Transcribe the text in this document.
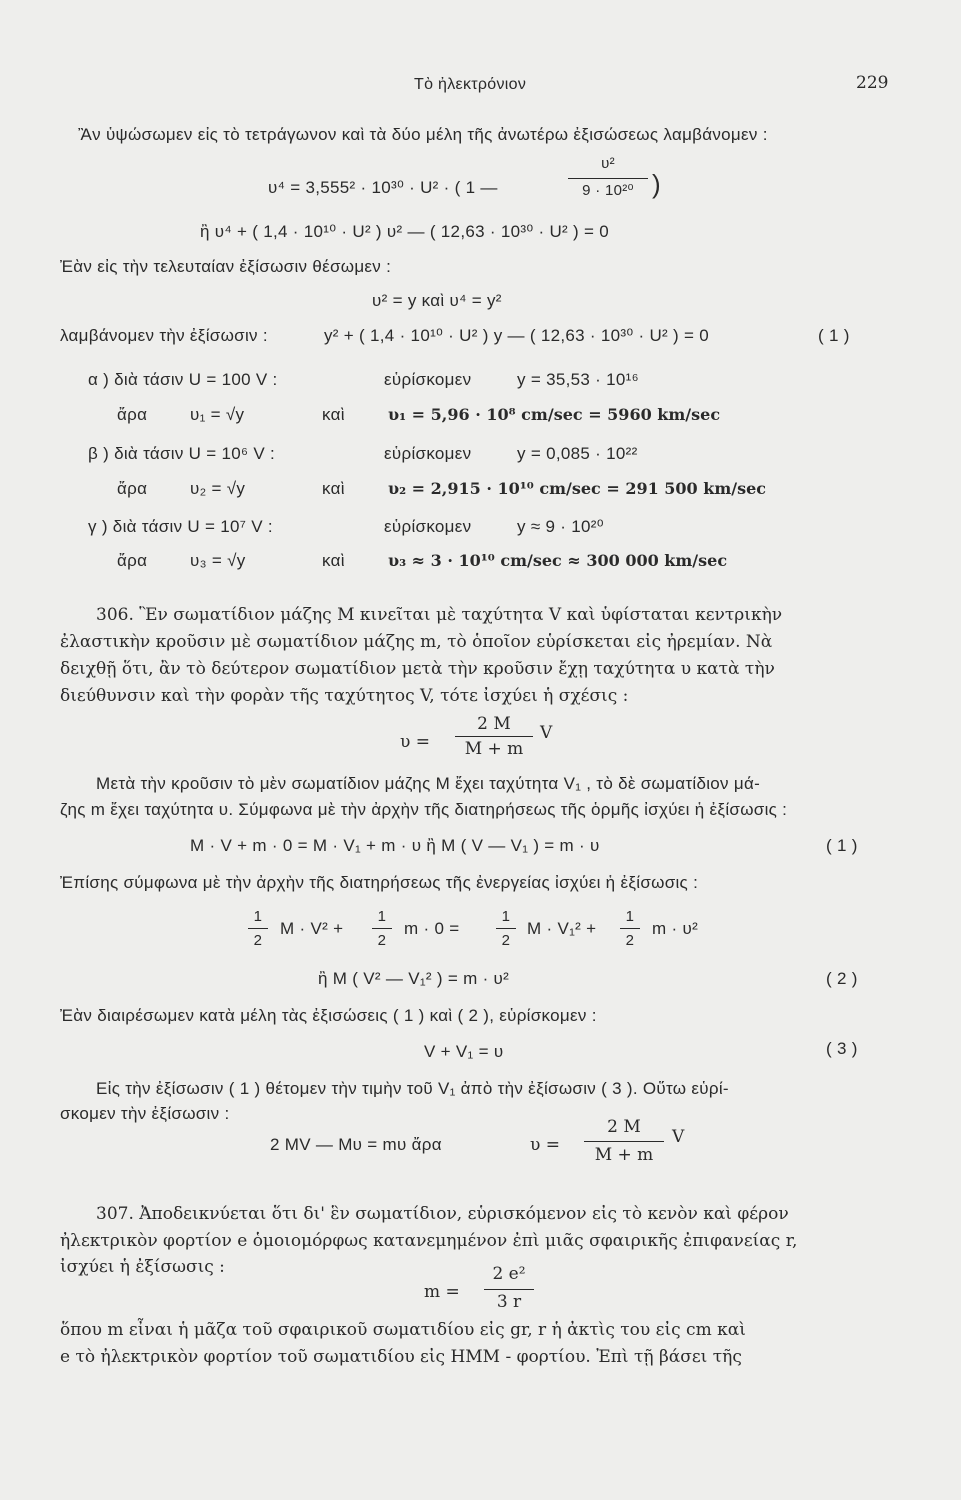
Τὸ ἠλεκτρόνιον	229
Ἂν ὑψώσωμεν εἰς τὸ τετράγωνον καὶ τὰ δύο μέλη τῆς ἀνωτέρω ἐξισώσεως λαμβάνομεν :
υ⁴ = 3,555² · 10³⁰ · U² · ( 1 —
υ²
9 · 10²⁰ )
ἢ υ⁴ + ( 1,4 · 10¹⁰ · U² ) υ² — ( 12,63 · 10³⁰ · U² ) = 0
Ἐὰν εἰς τὴν τελευταίαν ἐξίσωσιν θέσωμεν :
υ² = y καὶ υ⁴ = y²
λαμβάνομεν τὴν ἐξίσωσιν :	y² + ( 1,4 · 10¹⁰ · U² ) y — ( 12,63 · 10³⁰ · U² ) = 0	( 1 )
α ) διὰ τάσιν U = 100 V :	εὑρίσκομεν	y = 35,53 · 10¹⁶
ἄρα	υ₁ = √y	καὶ	υ₁ = 5,96 · 10⁸ cm/sec = 5960 km/sec
β ) διὰ τάσιν U = 10⁶ V :	εὑρίσκομεν	y = 0,085 · 10²²
ἄρα	υ₂ = √y	καὶ	υ₂ = 2,915 · 10¹⁰ cm/sec = 291 500 km/sec
γ ) διὰ τάσιν U = 10⁷ V :	εὑρίσκομεν	y ≈ 9 · 10²⁰
ἄρα	υ₃ = √y	καὶ	υ₃ ≈ 3 · 10¹⁰ cm/sec ≈ 300 000 km/sec
306. Ἓν σωματίδιον μάζης M κινεῖται μὲ ταχύτητα V καὶ ὑφίσταται κεντρικὴν
ἐλαστικὴν κροῦσιν μὲ σωματίδιον μάζης m, τὸ ὁποῖον εὑρίσκεται εἰς ἠρεμίαν. Νὰ
δειχθῇ ὅτι, ἂν τὸ δεύτερον σωματίδιον μετὰ τὴν κροῦσιν ἔχῃ ταχύτητα υ κατὰ τὴν
διεύθυνσιν καὶ τὴν φορὰν τῆς ταχύτητος V, τότε ἰσχύει ἡ σχέσις :
υ =
2 M
M + m
V
Μετὰ τὴν κροῦσιν τὸ μὲν σωματίδιον μάζης M ἔχει ταχύτητα V₁ , τὸ δὲ σωματίδιον μά-
ζης m ἔχει ταχύτητα υ. Σύμφωνα μὲ τὴν ἀρχὴν τῆς διατηρήσεως τῆς ὁρμῆς ἰσχύει ἡ ἐξίσωσις :
M · V + m · 0 = M · V₁ + m · υ ἢ M ( V — V₁ ) = m · υ	( 1 )
Ἐπίσης σύμφωνα μὲ τὴν ἀρχὴν τῆς διατηρήσεως τῆς ἐνεργείας ἰσχύει ἡ ἐξίσωσις :
1
2
M · V² +
1
2
m · 0 =
1
2
M · V₁² +
1
2
m · υ²
ἢ M ( V² — V₁² ) = m · υ²	( 2 )
Ἐὰν διαιρέσωμεν κατὰ μέλη τὰς ἐξισώσεις ( 1 ) καὶ ( 2 ), εὑρίσκομεν :
V + V₁ = υ	( 3 )
Εἰς τὴν ἐξίσωσιν ( 1 ) θέτομεν τὴν τιμὴν τοῦ V₁ ἀπὸ τὴν ἐξίσωσιν ( 3 ). Οὕτω εὑρί-
σκομεν τὴν ἐξίσωσιν :
2 MV — Mυ = mυ ἄρα	υ =
2 M
M + m
V
307. Ἀποδεικνύεται ὅτι δι' ἓν σωματίδιον, εὑρισκόμενον εἰς τὸ κενὸν καὶ φέρον
ἠλεκτρικὸν φορτίον e ὁμοιομόρφως κατανεμημένον ἐπὶ μιᾶς σφαιρικῆς ἐπιφανείας r,
ἰσχύει ἡ ἐξίσωσις :
m =
2 e²
3 r
ὅπου m εἶναι ἡ μᾶζα τοῦ σφαιρικοῦ σωματιδίου εἰς gr, r ἡ ἀκτὶς του εἰς cm καὶ
e τὸ ἠλεκτρικὸν φορτίον τοῦ σωματιδίου εἰς HMM - φορτίου. Ἐπὶ τῇ βάσει τῆς
